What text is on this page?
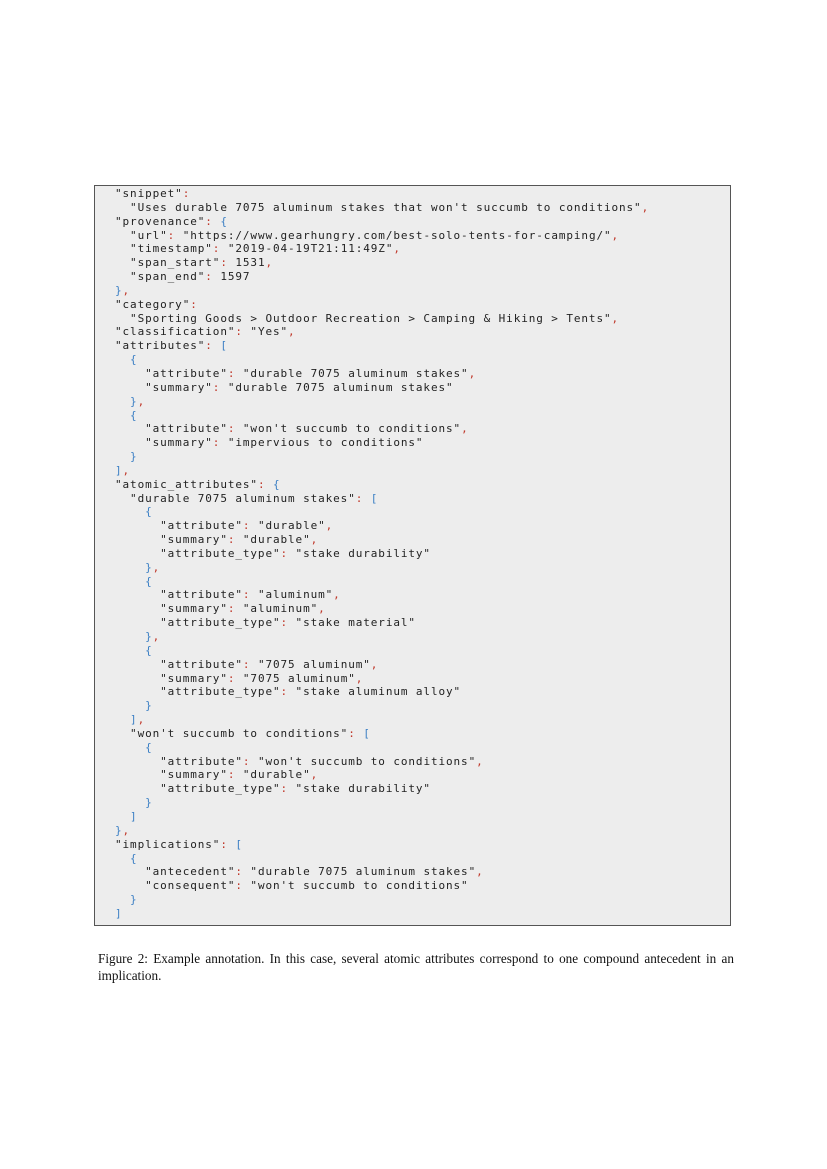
"snippet":
"Uses durable 7075 aluminum stakes that won't succumb to conditions",
"provenance": {
"url": "https://www.gearhungry.com/best-solo-tents-for-camping/",
"timestamp": "2019-04-19T21:11:49Z",
"span_start": 1531,
"span_end": 1597
},
"category":
"Sporting Goods > Outdoor Recreation > Camping & Hiking > Tents",
"classification": "Yes",
"attributes": [
{
"attribute": "durable 7075 aluminum stakes",
"summary": "durable 7075 aluminum stakes"
},
{
"attribute": "won't succumb to conditions",
"summary": "impervious to conditions"
}
],
"atomic_attributes": {
"durable 7075 aluminum stakes": [
{
"attribute": "durable",
"summary": "durable",
"attribute_type": "stake durability"
},
{
"attribute": "aluminum",
"summary": "aluminum",
"attribute_type": "stake material"
},
{
"attribute": "7075 aluminum",
"summary": "7075 aluminum",
"attribute_type": "stake aluminum alloy"
}
],
"won't succumb to conditions": [
{
"attribute": "won't succumb to conditions",
"summary": "durable",
"attribute_type": "stake durability"
}
]
},
"implications": [
{
"antecedent": "durable 7075 aluminum stakes",
"consequent": "won't succumb to conditions"
}
]
Figure 2: Example annotation. In this case, several atomic attributes correspond to one compound antecedent in an implication.
